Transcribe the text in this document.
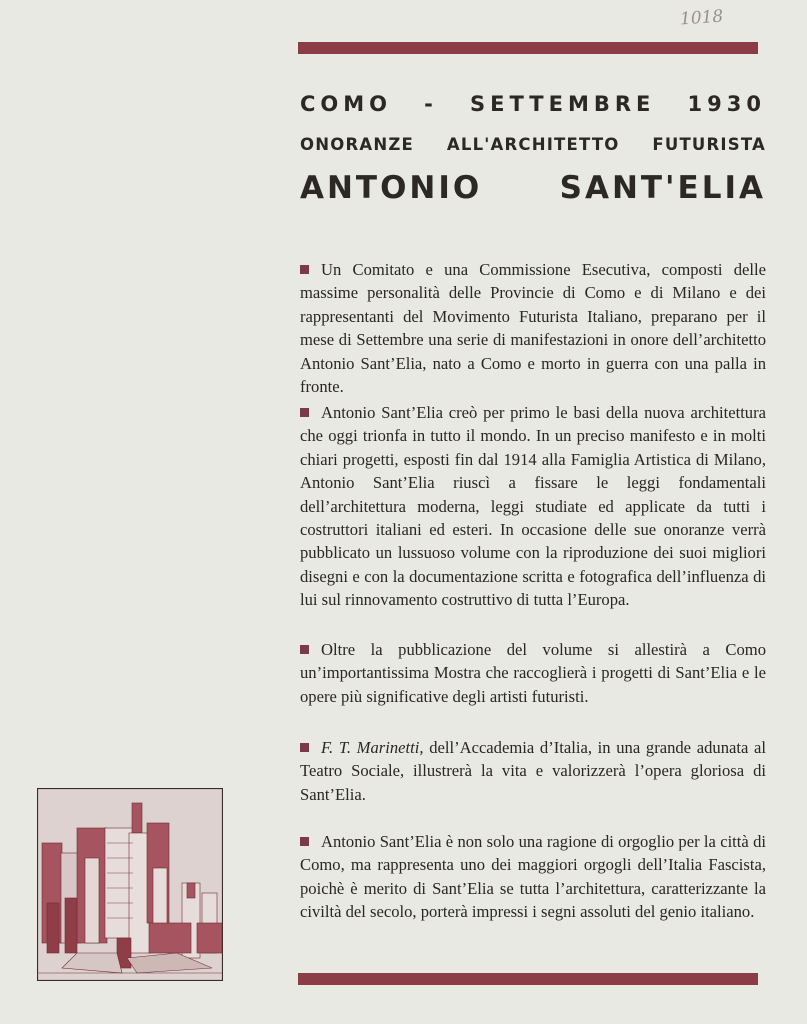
1018
COMO - SETTEMBRE 1930
ONORANZE ALL'ARCHITETTO FUTURISTA
ANTONIO SANT'ELIA
Un Comitato e una Commissione Esecutiva, composti delle massime personalità delle Provincie di Como e di Milano e dei rappresentanti del Movimento Futurista Italiano, preparano per il mese di Settembre una serie di manifestazioni in onore dell’architetto Antonio Sant’Elia, nato a Como e morto in guerra con una palla in fronte.
Antonio Sant’Elia creò per primo le basi della nuova architettura che oggi trionfa in tutto il mondo. In un preciso manifesto e in molti chiari progetti, esposti fin dal 1914 alla Famiglia Artistica di Milano, Antonio Sant’Elia riuscì a fissare le leggi fondamentali dell’architettura moderna, leggi studiate ed applicate da tutti i costruttori italiani ed esteri. In occasione delle sue onoranze verrà pubblicato un lussuoso volume con la riproduzione dei suoi migliori disegni e con la documentazione scritta e fotografica dell’influenza di lui sul rinnovamento costruttivo di tutta l’Europa.
Oltre la pubblicazione del volume si allestirà a Como un’importantissima Mostra che raccoglierà i progetti di Sant’Elia e le opere più significative degli artisti futuristi.
F. T. Marinetti, dell’Accademia d’Italia, in una grande adunata al Teatro Sociale, illustrerà la vita e valorizzerà l’opera gloriosa di Sant’Elia.
Antonio Sant’Elia è non solo una ragione di orgoglio per la città di Como, ma rappresenta uno dei maggiori orgogli dell’Italia Fascista, poichè è merito di Sant’Elia se tutta l’architettura, caratterizzante la civiltà del secolo, porterà impressi i segni assoluti del genio italiano.
